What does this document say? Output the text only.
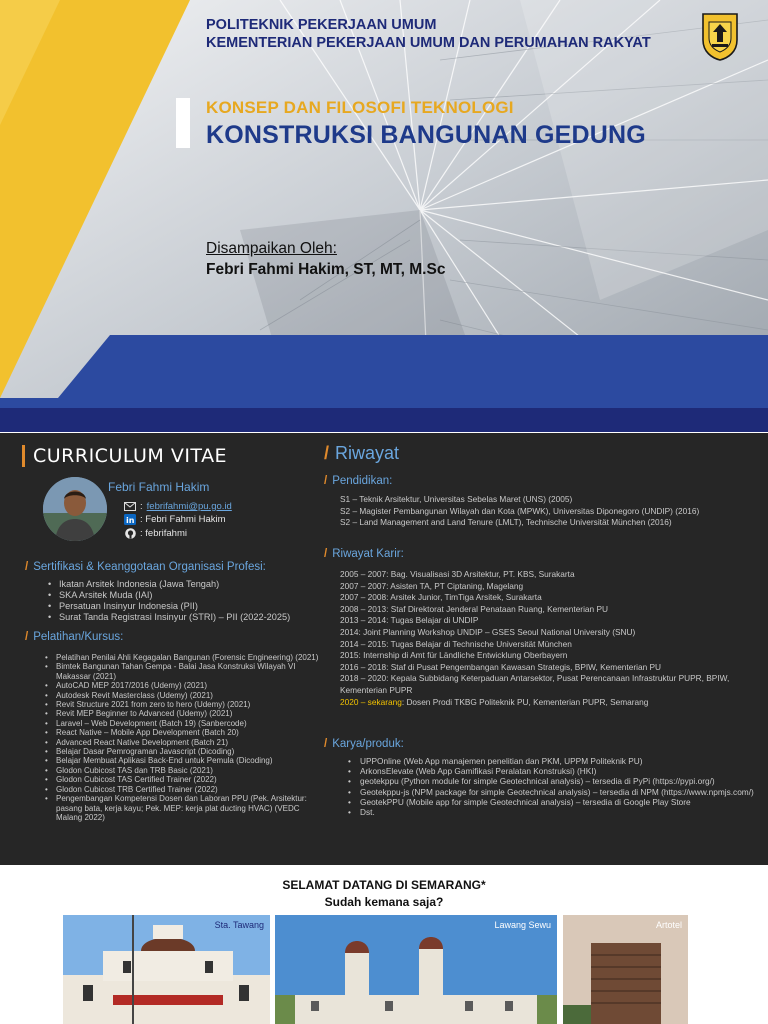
POLITEKNIK PEKERJAAN UMUM
KEMENTERIAN PEKERJAAN UMUM DAN PERUMAHAN RAKYAT
KONSEP DAN FILOSOFI TEKNOLOGI
KONSTRUKSI BANGUNAN GEDUNG
Disampaikan Oleh:
Febri Fahmi Hakim, ST, MT, M.Sc
CURRICULUM VITAE
Febri Fahmi Hakim
: febrifahmi@pu.go.id
in : Febri Fahmi Hakim
: febrifahmi
/ Sertifikasi & Keanggotaan Organisasi Profesi:
• Ikatan Arsitek Indonesia (Jawa Tengah)
• SKA Arsitek Muda (IAI)
• Persatuan Insinyur Indonesia (PII)
• Surat Tanda Registrasi Insinyur (STRI) – PII (2022-2025)
/ Pelatihan/Kursus:
• Pelatihan Penilai Ahli Kegagalan Bangunan (Forensic Engineering) (2021)
• Bimtek Bangunan Tahan Gempa - Balai Jasa Konstruksi Wilayah VI Makassar (2021)
• AutoCAD MEP 2017/2016 (Udemy) (2021)
• Autodesk Revit Masterclass (Udemy) (2021)
• Revit Structure 2021 from zero to hero (Udemy) (2021)
• Revit MEP Beginner to Advanced (Udemy) (2021)
• Laravel – Web Development (Batch 19) (Sanbercode)
• React Native – Mobile App Development (Batch 20)
• Advanced React Native Development (Batch 21)
• Belajar Dasar Pemrograman Javascript (Dicoding)
• Belajar Membuat Aplikasi Back-End untuk Pemula (Dicoding)
• Glodon Cubicost TAS dan TRB Basic (2021)
• Glodon Cubicost TAS Certified Trainer (2022)
• Glodon Cubicost TRB Certified Trainer (2022)
• Pengembangan Kompetensi Dosen dan Laboran PPU (Pek. Arsitektur: pasang bata, kerja kayu; Pek. MEP: kerja plat ducting HVAC) (VEDC Malang 2022)
/ Riwayat
/ Pendidikan:
S1 – Teknik Arsitektur, Universitas Sebelas Maret (UNS) (2005)
S2 – Magister Pembangunan Wilayah dan Kota (MPWK), Universitas Diponegoro (UNDIP) (2016)
S2 – Land Management and Land Tenure (LMLT), Technische Universität München (2016)
/ Riwayat Karir:
2005 – 2007: Bag. Visualisasi 3D Arsitektur, PT. KBS, Surakarta
2007 – 2007: Asisten TA, PT Ciptaning, Magelang
2007 – 2008: Arsitek Junior, TimTiga Arsitek, Surakarta
2008 – 2013: Staf Direktorat Jenderal Penataan Ruang, Kementerian PU
2013 – 2014: Tugas Belajar di UNDIP
2014: Joint Planning Workshop UNDIP – GSES Seoul National University (SNU)
2014 – 2015: Tugas Belajar di Technische Universität München
2015: Internship di Amt für Ländliche Entwicklung Oberbayern
2016 – 2018: Staf di Pusat Pengembangan Kawasan Strategis, BPIW, Kementerian PU
2018 – 2020: Kepala Subbidang Keterpaduan Antarsektor, Pusat Perencanaan Infrastruktur PUPR, BPIW, Kementerian PUPR
2020 – sekarang: Dosen Prodi TKBG Politeknik PU, Kementerian PUPR, Semarang
/ Karya/produk:
• UPPOnline (Web App manajemen penelitian dan PKM, UPPM Politeknik PU)
• ArkonsElevate (Web App Gamifikasi Peralatan Konstruksi) (HKI)
• geotekppu (Python module for simple Geotechnical analysis) – tersedia di PyPi (https://pypi.org/)
• Geotekppu-js (NPM package for simple Geotechnical analysis) – tersedia di NPM (https://www.npmjs.com/)
• GeotekPPU (Mobile app for simple Geotechnical analysis) – tersedia di Google Play Store
• Dst.
SELAMAT DATANG DI SEMARANG*
Sudah kemana saja?
Sta. Tawang	Lawang Sewu	Artotel
